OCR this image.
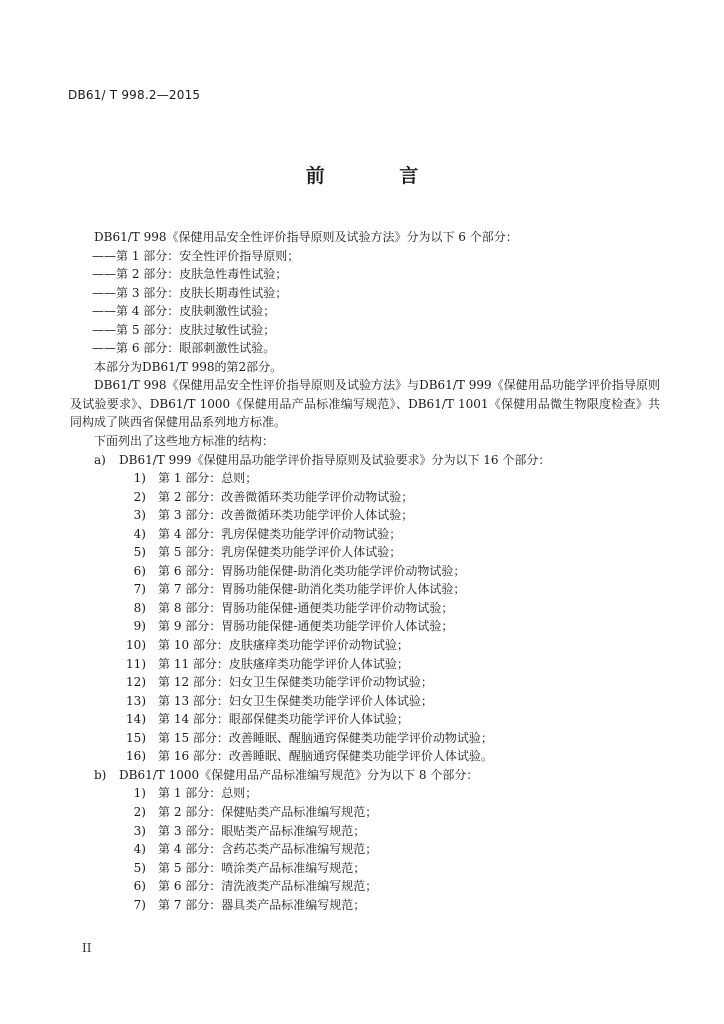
DB61/ T 998.2—2015
前 言
DB61/T 998《保健用品安全性评价指导原则及试验方法》分为以下 6 个部分：
——第 1 部分：安全性评价指导原则；
——第 2 部分：皮肤急性毒性试验；
——第 3 部分：皮肤长期毒性试验；
——第 4 部分：皮肤刺激性试验；
——第 5 部分：皮肤过敏性试验；
——第 6 部分：眼部刺激性试验。
本部分为DB61/T 998的第2部分。
DB61/T 998《保健用品安全性评价指导原则及试验方法》与DB61/T 999《保健用品功能学评价指导原则及试验要求》、DB61/T 1000《保健用品产品标准编写规范》、DB61/T 1001《保健用品微生物限度检查》共同构成了陕西省保健用品系列地方标准。
下面列出了这些地方标准的结构：
a)	DB61/T 999《保健用品功能学评价指导原则及试验要求》分为以下 16 个部分：
1)	第 1 部分：总则；
2)	第 2 部分：改善微循环类功能学评价动物试验；
3)	第 3 部分：改善微循环类功能学评价人体试验；
4)	第 4 部分：乳房保健类功能学评价动物试验；
5)	第 5 部分：乳房保健类功能学评价人体试验；
6)	第 6 部分：胃肠功能保健-助消化类功能学评价动物试验；
7)	第 7 部分：胃肠功能保健-助消化类功能学评价人体试验；
8)	第 8 部分：胃肠功能保健-通便类功能学评价动物试验；
9)	第 9 部分：胃肠功能保健-通便类功能学评价人体试验；
10)	第 10 部分：皮肤瘙痒类功能学评价动物试验；
11)	第 11 部分：皮肤瘙痒类功能学评价人体试验；
12)	第 12 部分：妇女卫生保健类功能学评价动物试验；
13)	第 13 部分：妇女卫生保健类功能学评价人体试验；
14)	第 14 部分：眼部保健类功能学评价人体试验；
15)	第 15 部分：改善睡眠、醒脑通窍保健类功能学评价动物试验；
16)	第 16 部分：改善睡眠、醒脑通窍保健类功能学评价人体试验。
b)	DB61/T 1000《保健用品产品标准编写规范》分为以下 8 个部分：
1)	第 1 部分：总则；
2)	第 2 部分：保健贴类产品标准编写规范；
3)	第 3 部分：眼贴类产品标准编写规范；
4)	第 4 部分：含药芯类产品标准编写规范；
5)	第 5 部分：喷涂类产品标准编写规范；
6)	第 6 部分：清洗液类产品标准编写规范；
7)	第 7 部分：器具类产品标准编写规范；
II
